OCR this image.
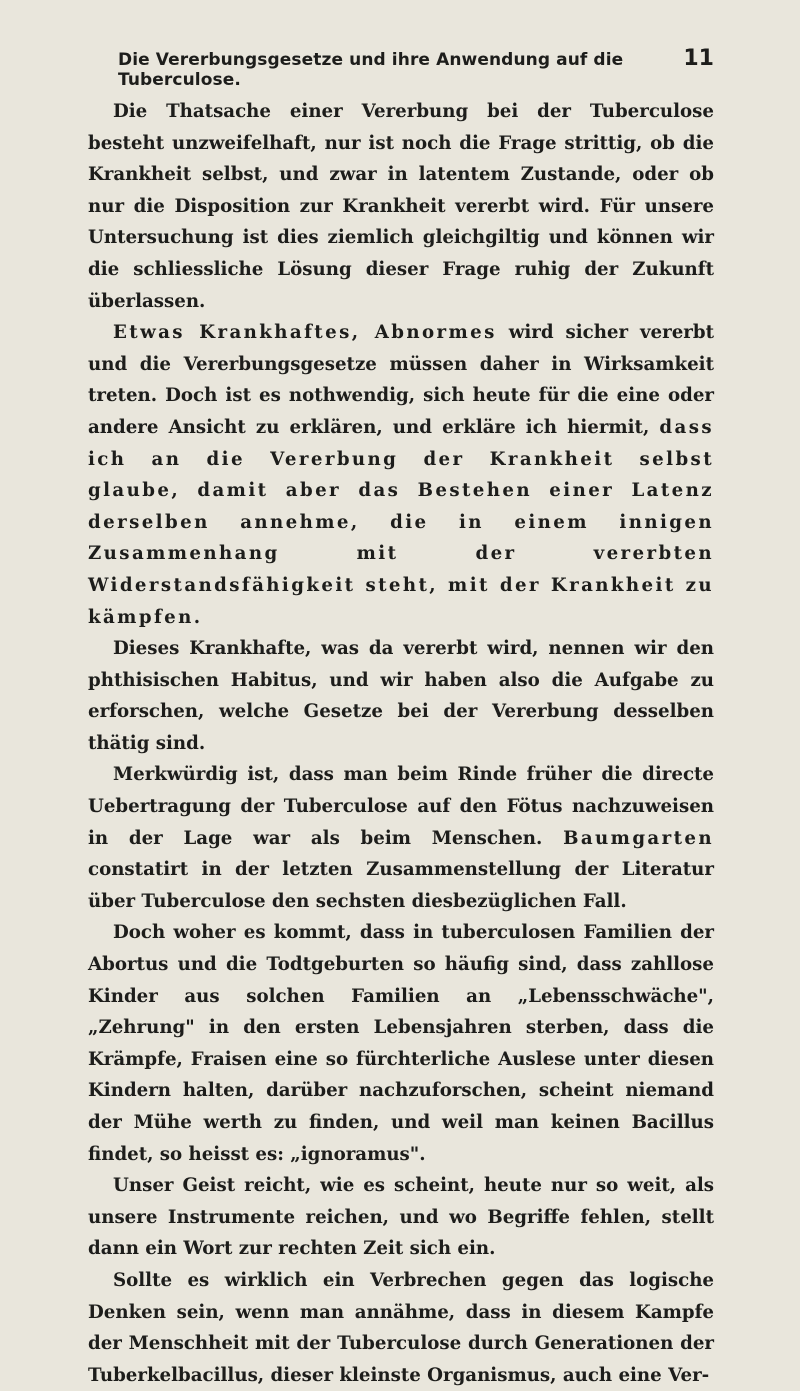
Die Vererbungsgesetze und ihre Anwendung auf die Tuberculose.
11

Die Thatsache einer Vererbung bei der Tuberculose besteht unzweifelhaft, nur ist noch die Frage strittig, ob die Krankheit selbst, und zwar in latentem Zustande, oder ob nur die Disposition zur Krankheit vererbt wird. Für unsere Untersuchung ist dies ziemlich gleichgiltig und können wir die schliessliche Lösung dieser Frage ruhig der Zukunft überlassen.

Etwas Krankhaftes, Abnormes wird sicher vererbt und die Vererbungsgesetze müssen daher in Wirksamkeit treten. Doch ist es nothwendig, sich heute für die eine oder andere Ansicht zu erklären, und erkläre ich hiermit, dass ich an die Vererbung der Krankheit selbst glaube, damit aber das Bestehen einer Latenz derselben annehme, die in einem innigen Zusammenhang mit der vererbten Widerstandsfähigkeit steht, mit der Krankheit zu kämpfen.

Dieses Krankhafte, was da vererbt wird, nennen wir den phthisischen Habitus, und wir haben also die Aufgabe zu erforschen, welche Gesetze bei der Vererbung desselben thätig sind.

Merkwürdig ist, dass man beim Rinde früher die directe Uebertragung der Tuberculose auf den Fötus nachzuweisen in der Lage war als beim Menschen. Baumgarten constatirt in der letzten Zusammenstellung der Literatur über Tuberculose den sechsten diesbezüglichen Fall.

Doch woher es kommt, dass in tuberculosen Familien der Abortus und die Todtgeburten so häufig sind, dass zahllose Kinder aus solchen Familien an „Lebensschwäche", „Zehrung" in den ersten Lebensjahren sterben, dass die Krämpfe, Fraisen eine so fürchterliche Auslese unter diesen Kindern halten, darüber nachzuforschen, scheint niemand der Mühe werth zu finden, und weil man keinen Bacillus findet, so heisst es: „ignoramus".

Unser Geist reicht, wie es scheint, heute nur so weit, als unsere Instrumente reichen, und wo Begriffe fehlen, stellt dann ein Wort zur rechten Zeit sich ein.

Sollte es wirklich ein Verbrechen gegen das logische Denken sein, wenn man annähme, dass in diesem Kampfe der Menschheit mit der Tuberculose durch Generationen der Tuberkelbacillus, dieser kleinste Organismus, auch eine Ver-
